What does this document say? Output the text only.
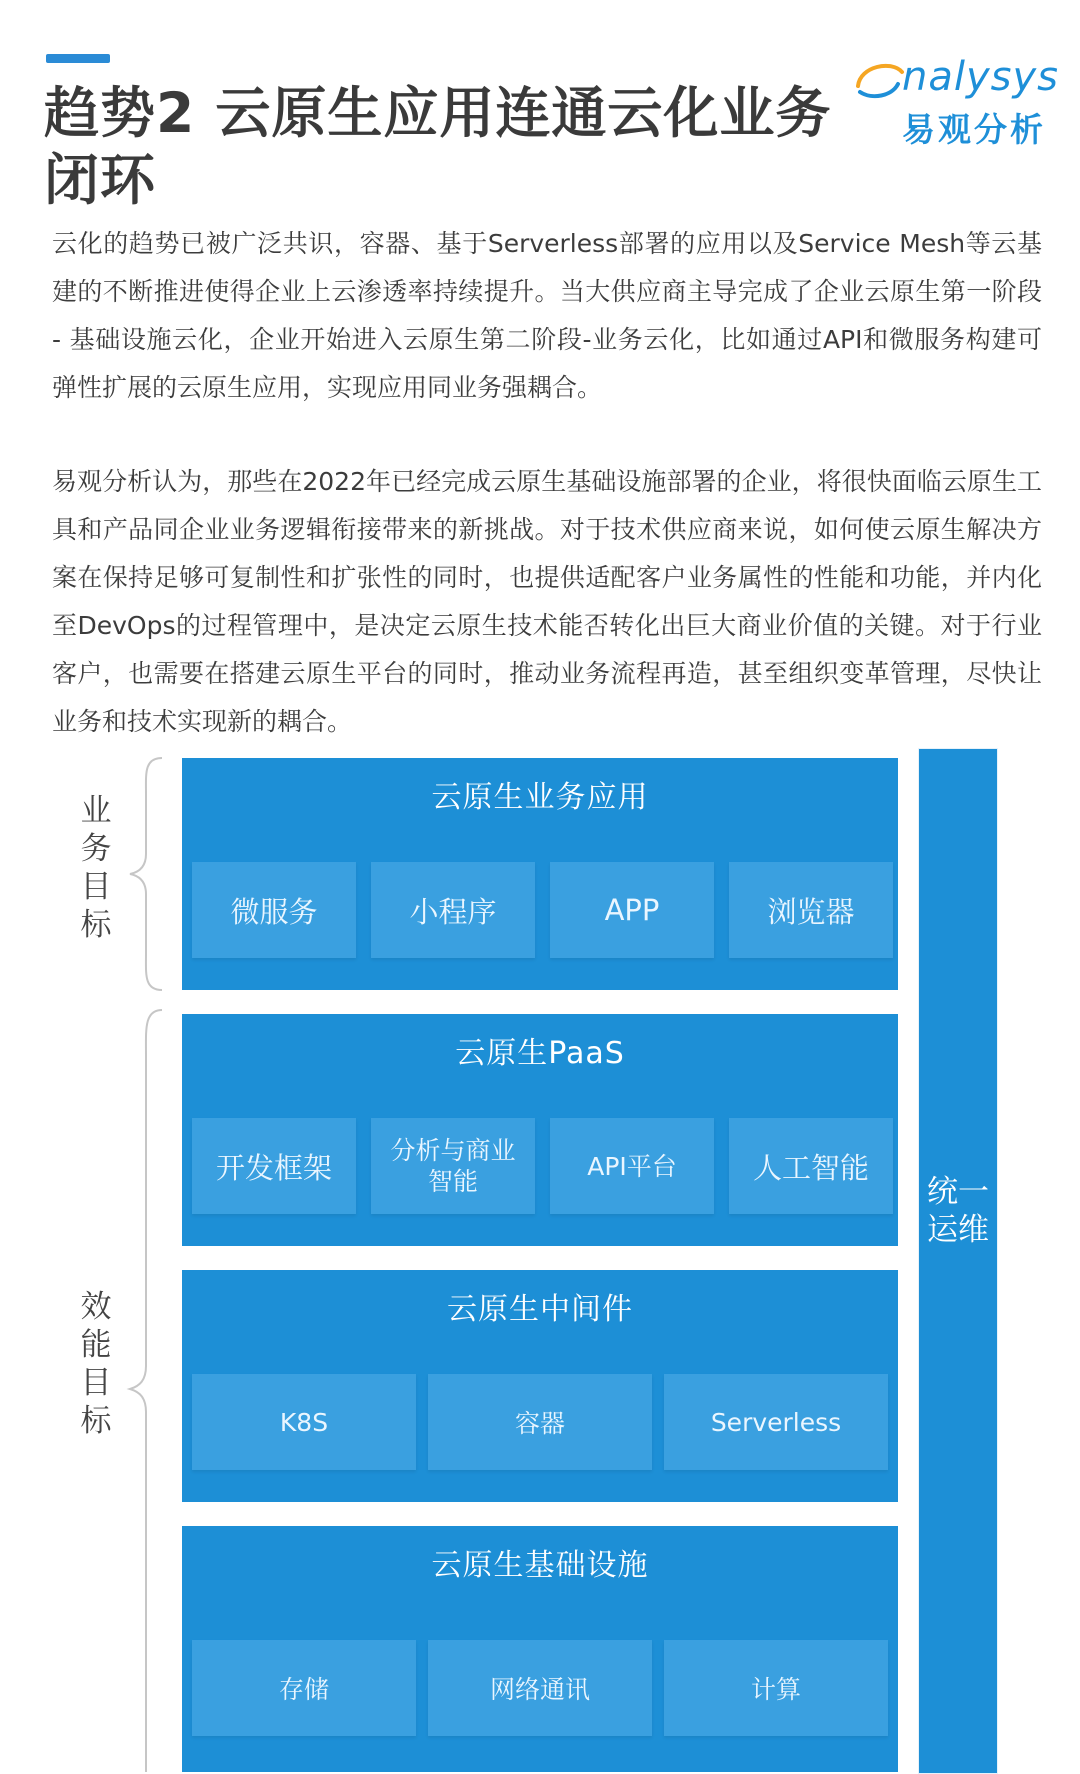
趋势2 云原生应用连通云化业务闭环
nalysys
易观分析

云化的趋势已被广泛共识，容器、基于Serverless部署的应用以及Service Mesh等云基建的不断推进使得企业上云渗透率持续提升。当大供应商主导完成了企业云原生第一阶段 - 基础设施云化，企业开始进入云原生第二阶段-业务云化，比如通过API和微服务构建可弹性扩展的云原生应用，实现应用同业务强耦合。

易观分析认为，那些在2022年已经完成云原生基础设施部署的企业，将很快面临云原生工具和产品同企业业务逻辑衔接带来的新挑战。对于技术供应商来说，如何使云原生解决方案在保持足够可复制性和扩张性的同时，也提供适配客户业务属性的性能和功能，并内化至DevOps的过程管理中，是决定云原生技术能否转化出巨大商业价值的关键。对于行业客户，也需要在搭建云原生平台的同时，推动业务流程再造，甚至组织变革管理，尽快让业务和技术实现新的耦合。

业务目标
效能目标
云原生业务应用
微服务	小程序	APP	浏览器
云原生PaaS
开发框架	分析与商业智能
API平台	人工智能
云原生中间件
K8S	容器	Serverless
云原生基础设施
存储	网络通讯	计算
统一运维
